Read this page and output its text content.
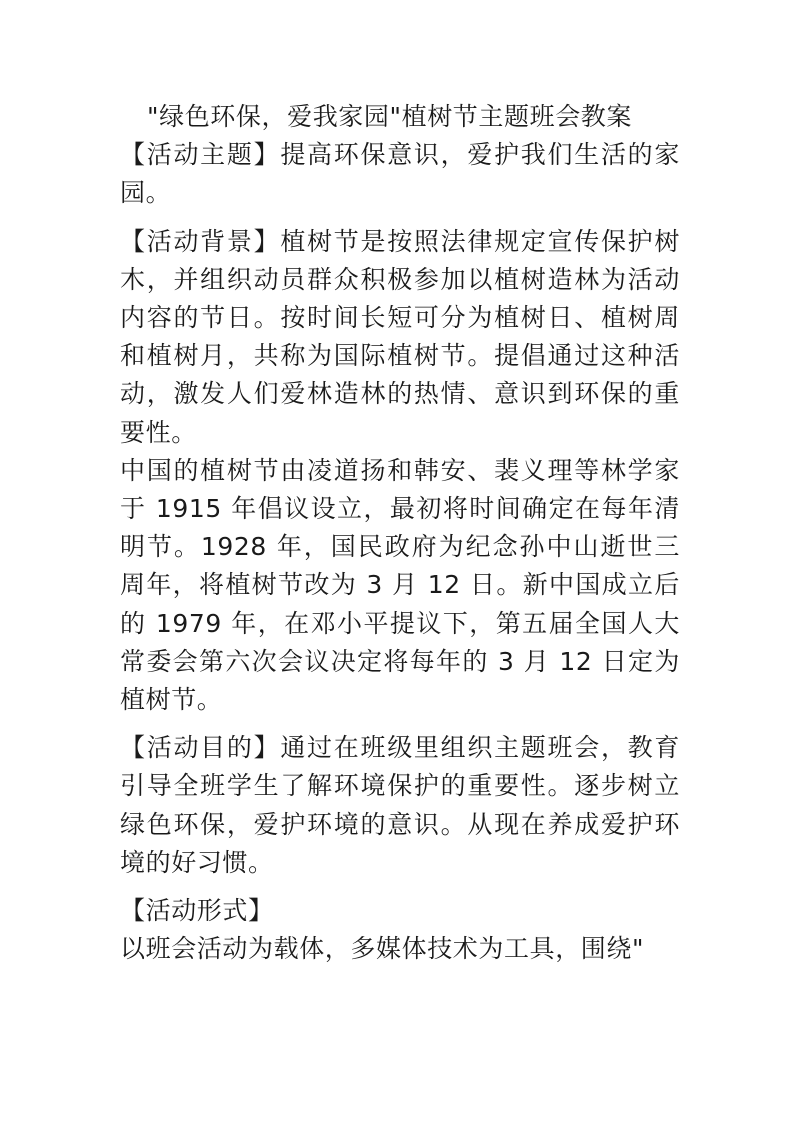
"绿色环保，爱我家园"植树节主题班会教案

【活动主题】提高环保意识，爱护我们生活的家园。

【活动背景】植树节是按照法律规定宣传保护树木，并组织动员群众积极参加以植树造林为活动内容的节日。按时间长短可分为植树日、植树周和植树月，共称为国际植树节。提倡通过这种活动，激发人们爱林造林的热情、意识到环保的重要性。

中国的植树节由凌道扬和韩安、裴义理等林学家于 1915 年倡议设立，最初将时间确定在每年清明节。1928 年，国民政府为纪念孙中山逝世三周年，将植树节改为 3 月 12 日。新中国成立后的 1979 年，在邓小平提议下，第五届全国人大常委会第六次会议决定将每年的 3 月 12 日定为植树节。

【活动目的】通过在班级里组织主题班会，教育引导全班学生了解环境保护的重要性。逐步树立绿色环保，爱护环境的意识。从现在养成爱护环境的好习惯。

【活动形式】

以班会活动为载体，多媒体技术为工具，围绕"
